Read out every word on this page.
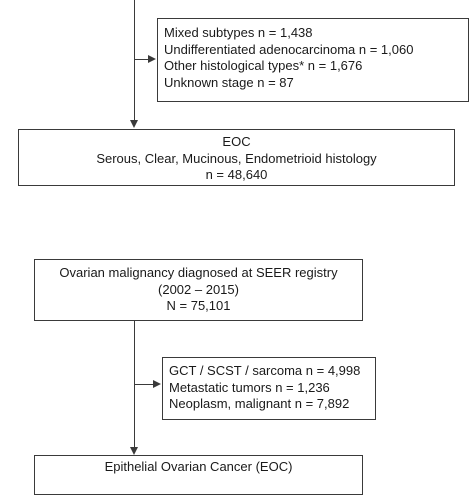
Mixed subtypes n = 1,438
Undifferentiated adenocarcinoma n = 1,060
Other histological types* n = 1,676
Unknown stage n = 87
EOC
Serous, Clear, Mucinous, Endometrioid histology
n = 48,640
Ovarian malignancy diagnosed at SEER registry
(2002 – 2015)
N = 75,101
GCT / SCST / sarcoma n = 4,998
Metastatic tumors n = 1,236
Neoplasm, malignant n = 7,892
Epithelial Ovarian Cancer (EOC)
